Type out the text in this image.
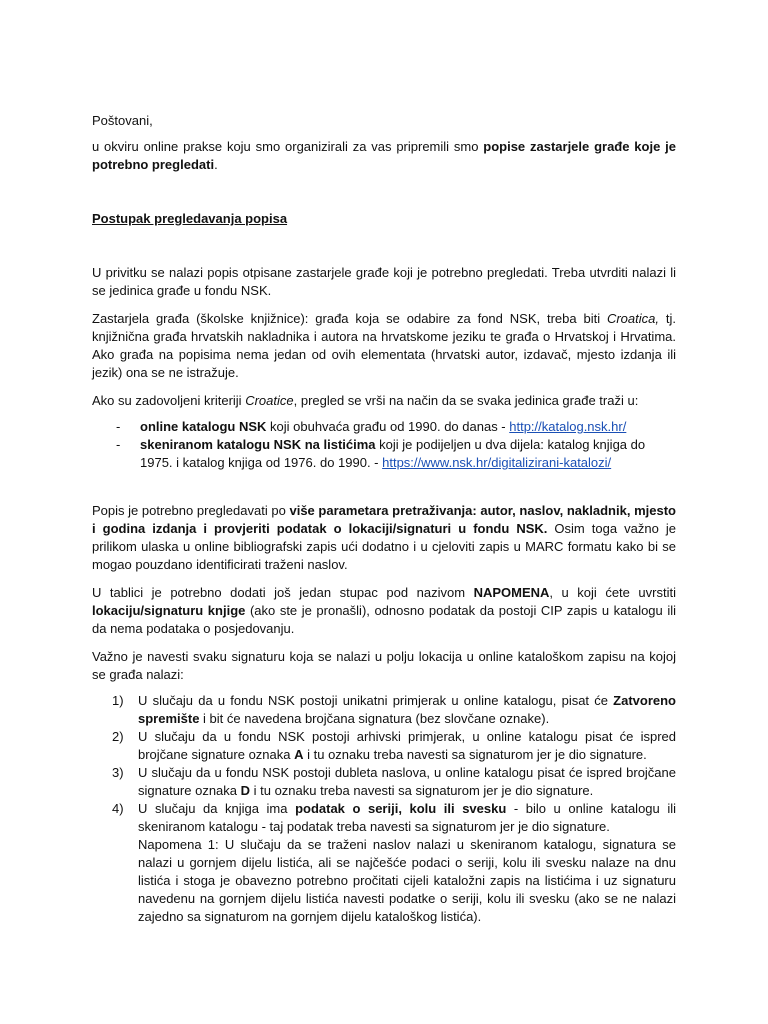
Poštovani,

u okviru online prakse koju smo organizirali za vas pripremili smo popise zastarjele građe koje je potrebno pregledati.

Postupak pregledavanja popisa

U privitku se nalazi popis otpisane zastarjele građe koji je potrebno pregledati. Treba utvrditi nalazi li se jedinica građe u fondu NSK.

Zastarjela građa (školske knjižnice): građa koja se odabire za fond NSK, treba biti Croatica, tj. knjižnična građa hrvatskih nakladnika i autora na hrvatskome jeziku te građa o Hrvatskoj i Hrvatima. Ako građa na popisima nema jedan od ovih elementata (hrvatski autor, izdavač, mjesto izdanja ili jezik) ona se ne istražuje.

Ako su zadovoljeni kriteriji Croatice, pregled se vrši na način da se svaka jedinica građe traži u:

- online katalogu NSK koji obuhvaća građu od 1990. do danas - http://katalog.nsk.hr/
- skeniranom katalogu NSK na listićima koji je podijeljen u dva dijela: katalog knjiga do 1975. i katalog knjiga od 1976. do 1990. - https://www.nsk.hr/digitalizirani-katalozi/

Popis je potrebno pregledavati po više parametara pretraživanja: autor, naslov, nakladnik, mjesto i godina izdanja i provjeriti podatak o lokaciji/signaturi u fondu NSK. Osim toga važno je prilikom ulaska u online bibliografski zapis ući dodatno i u cjeloviti zapis u MARC formatu kako bi se mogao pouzdano identificirati traženi naslov.

U tablici je potrebno dodati još jedan stupac pod nazivom NAPOMENA, u koji ćete uvrstiti lokaciju/signaturu knjige (ako ste je pronašli), odnosno podatak da postoji CIP zapis u katalogu ili da nema podataka o posjedovanju.

Važno je navesti svaku signaturu koja se nalazi u polju lokacija u online kataloškom zapisu na kojoj se građa nalazi:

1) U slučaju da u fondu NSK postoji unikatni primjerak u online katalogu, pisat će Zatvoreno spremište i bit će navedena brojčana signatura (bez slovčane oznake).
2) U slučaju da u fondu NSK postoji arhivski primjerak, u online katalogu pisat će ispred brojčane signature oznaka A i tu oznaku treba navesti sa signaturom jer je dio signature.
3) U slučaju da u fondu NSK postoji dubleta naslova, u online katalogu pisat će ispred brojčane signature oznaka D i tu oznaku treba navesti sa signaturom jer je dio signature.
4) U slučaju da knjiga ima podatak o seriji, kolu ili svesku - bilo u online katalogu ili skeniranom katalogu - taj podatak treba navesti sa signaturom jer je dio signature.
Napomena 1: U slučaju da se traženi naslov nalazi u skeniranom katalogu, signatura se nalazi u gornjem dijelu listića, ali se najčešće podaci o seriji, kolu ili svesku nalaze na dnu listića i stoga je obavezno potrebno pročitati cijeli kataložni zapis na listićima i uz signaturu navedenu na gornjem dijelu listića navesti podatke o seriji, kolu ili svesku (ako se ne nalazi zajedno sa signaturom na gornjem dijelu kataloškog listića).
